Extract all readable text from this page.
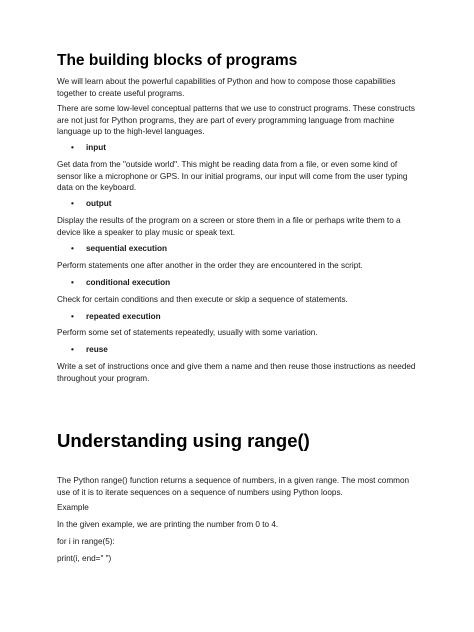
The building blocks of programs

We will learn about the powerful capabilities of Python and how to compose those capabilities together to create useful programs.

There are some low-level conceptual patterns that we use to construct programs. These constructs are not just for Python programs, they are part of every programming language from machine language up to the high-level languages.

• input

Get data from the "outside world". This might be reading data from a file, or even some kind of sensor like a microphone or GPS. In our initial programs, our input will come from the user typing data on the keyboard.

• output

Display the results of the program on a screen or store them in a file or perhaps write them to a device like a speaker to play music or speak text.

• sequential execution

Perform statements one after another in the order they are encountered in the script.

• conditional execution

Check for certain conditions and then execute or skip a sequence of statements.

• repeated execution

Perform some set of statements repeatedly, usually with some variation.

• reuse

Write a set of instructions once and give them a name and then reuse those instructions as needed throughout your program.

Understanding using range()

The Python range() function returns a sequence of numbers, in a given range. The most common use of it is to iterate sequences on a sequence of numbers using Python loops.

Example

In the given example, we are printing the number from 0 to 4.

for i in range(5):

print(i, end=" ")
